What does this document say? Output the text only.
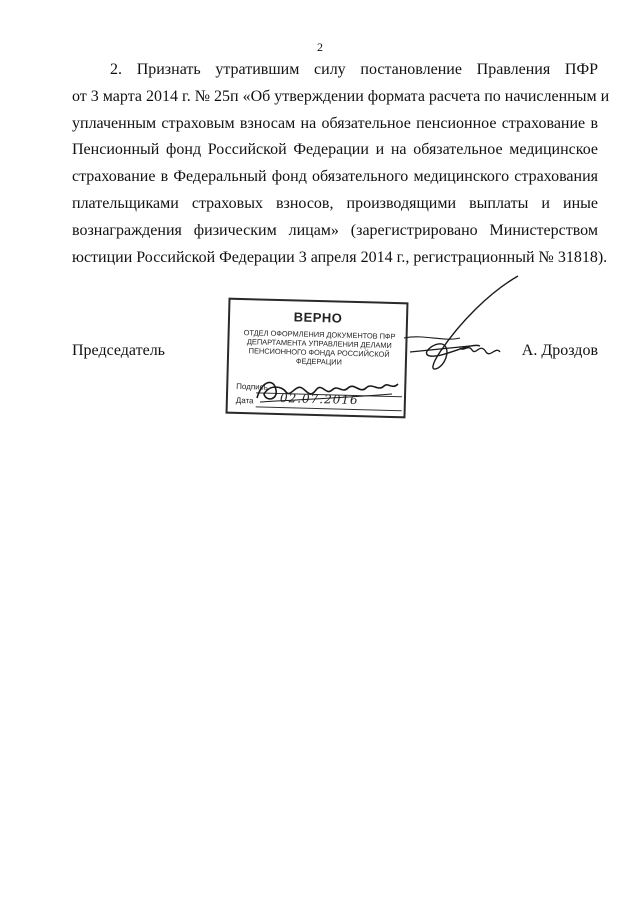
2
2. Признать утратившим силу постановление Правления ПФР
от 3 марта 2014 г. № 25п «Об утверждении формата расчета по начисленным и
уплаченным страховым взносам на обязательное пенсионное страхование в
Пенсионный фонд Российской Федерации и на обязательное медицинское
страхование в Федеральный фонд обязательного медицинского страхования
плательщиками страховых взносов, производящими выплаты и иные
вознаграждения физическим лицам» (зарегистрировано Министерством
юстиции Российской Федерации 3 апреля 2014 г., регистрационный № 31818).
Председатель	А. Дроздов
ВЕРНО
ОТДЕЛ ОФОРМЛЕНИЯ ДОКУМЕНТОВ ПФР ДЕПАРТАМЕНТА УПРАВЛЕНИЯ ДЕЛАМИ ПЕНСИОННОГО ФОНДА РОССИЙСКОЙ ФЕДЕРАЦИИ
Подпись
Дата 02.07.2016
